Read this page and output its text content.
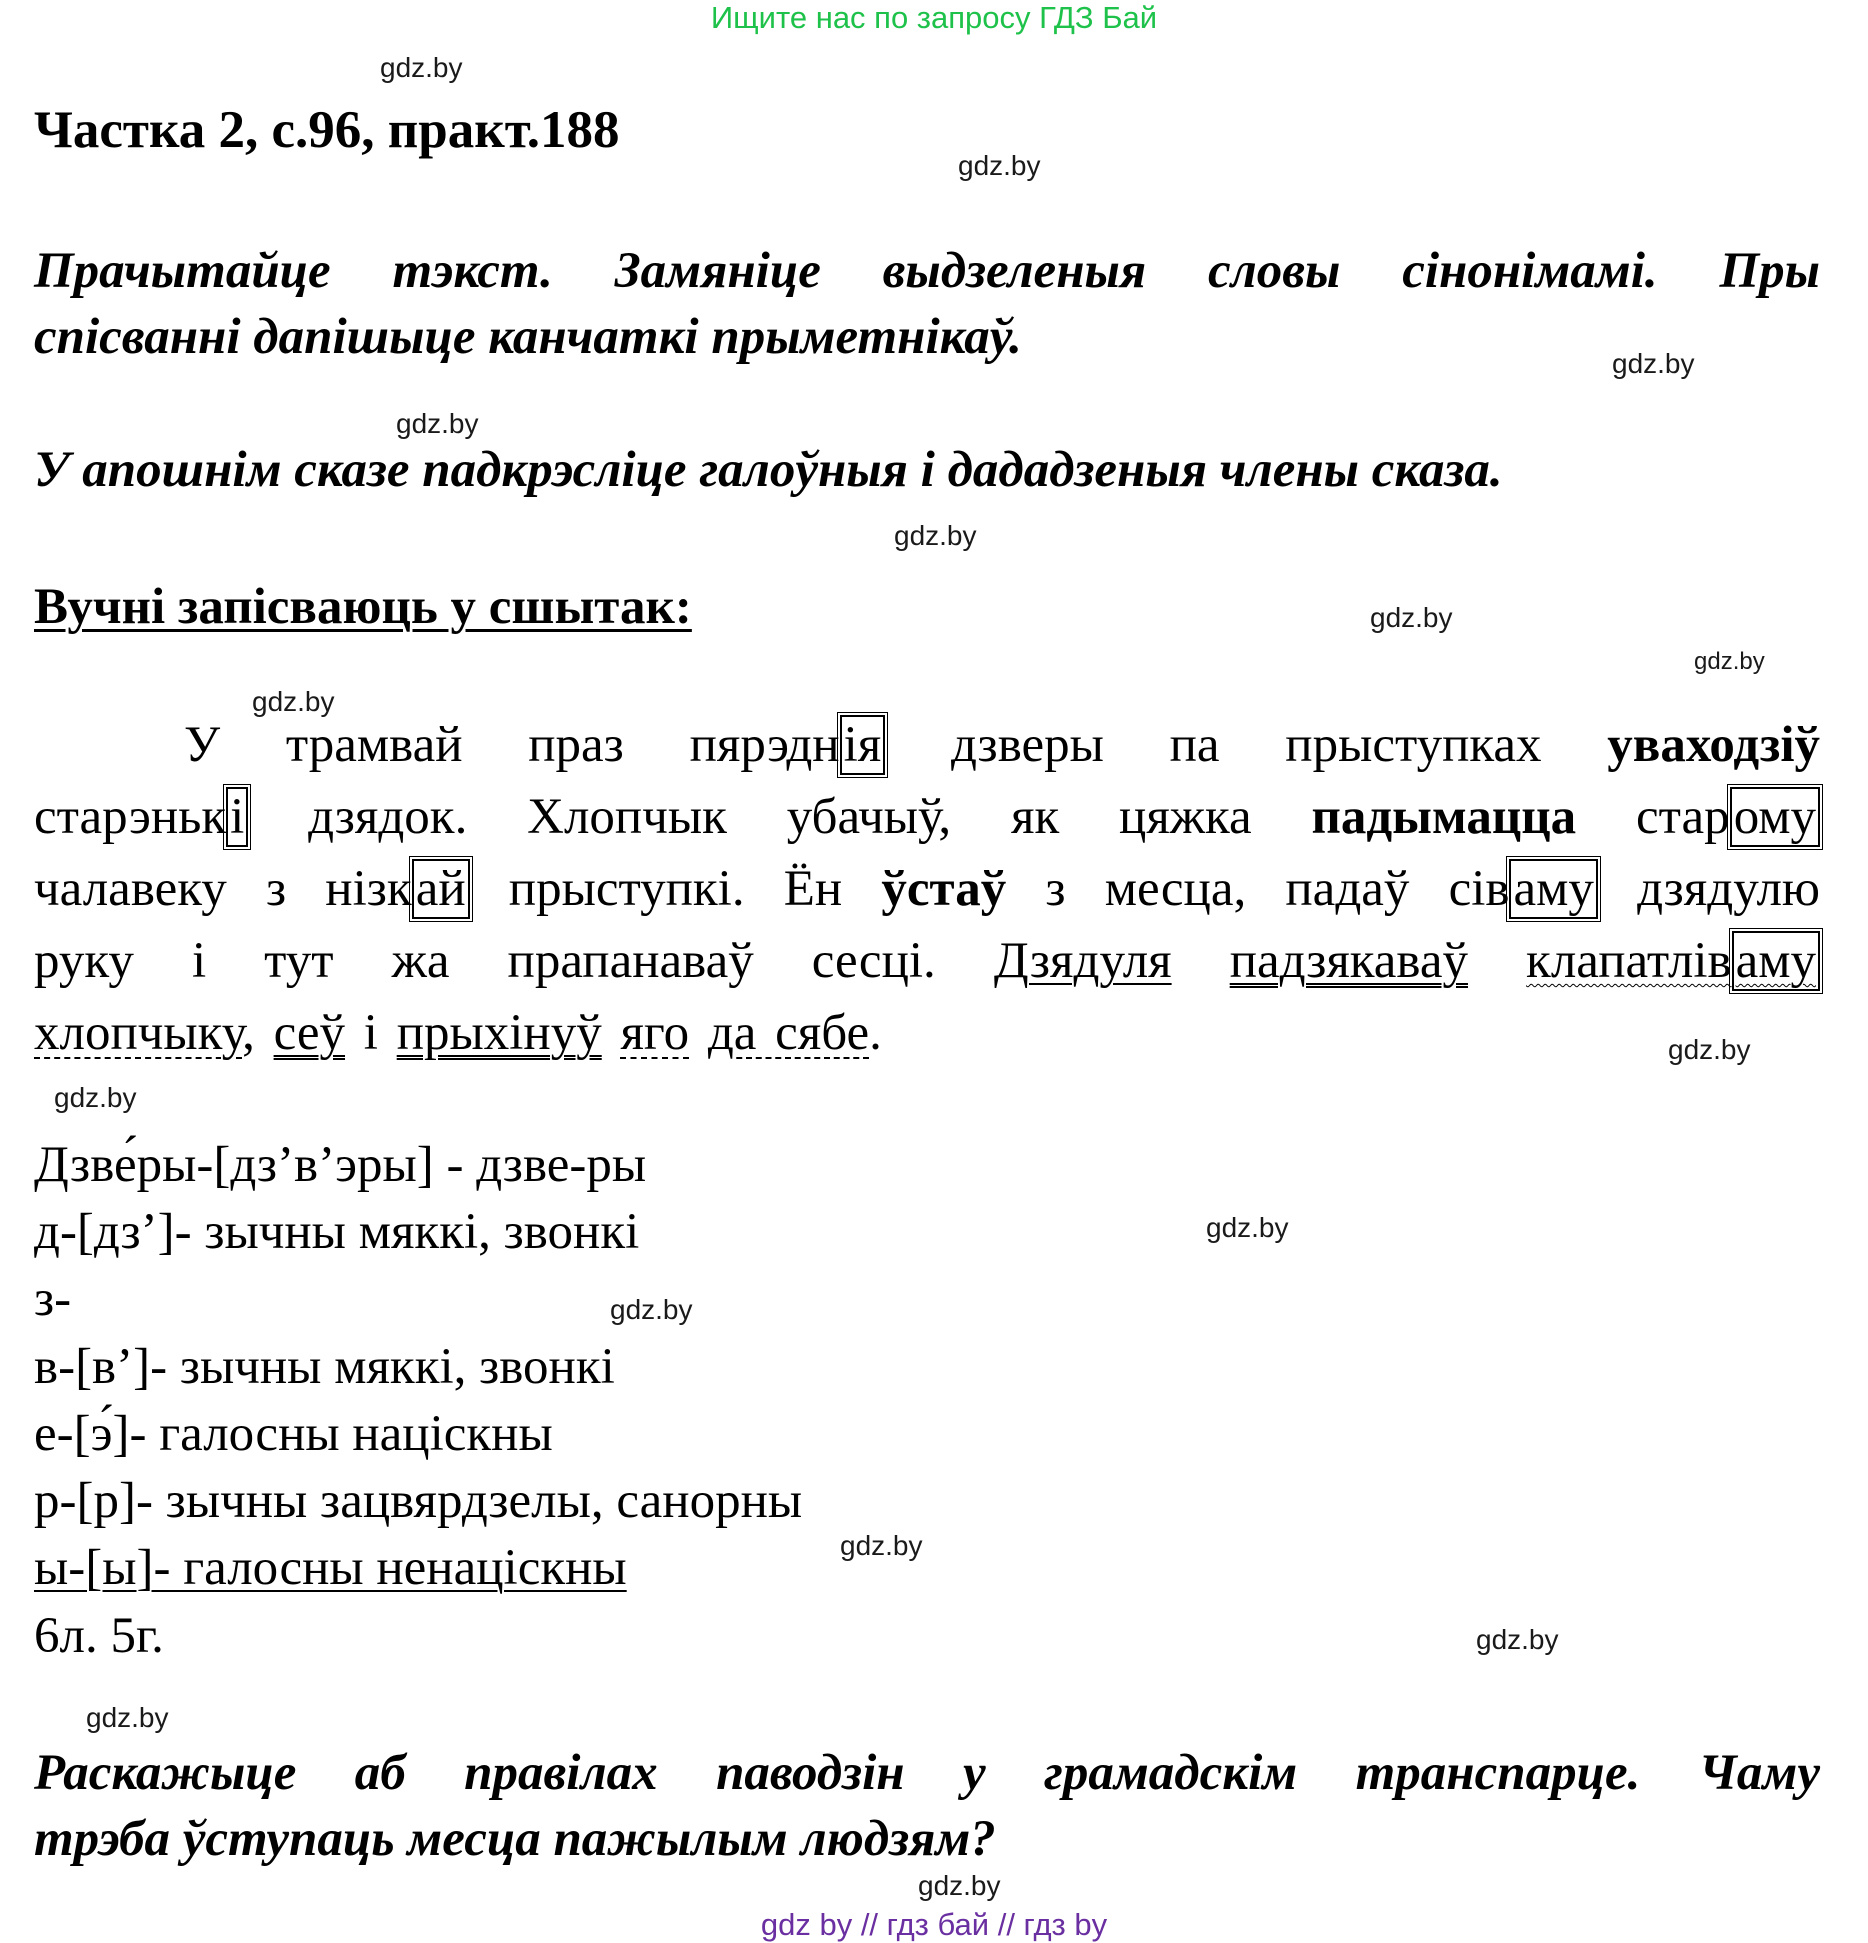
Ищите нас по запросу ГДЗ Бай
gdz.by
gdz.by
gdz.by
gdz.by
gdz.by
gdz.by
gdz.by
gdz.by
gdz.by
gdz.by
gdz.by
gdz.by
gdz.by
gdz.by
gdz.by
gdz.by
Частка 2, с.96, практ.188
Прачытайце тэкст. Замяніце выдзеленыя словы сінонімамі. Пры
спісванні дапішыце канчаткі прыметнікаў.
У апошнім сказе падкрэсліце галоўныя і дададзеныя члены сказа.
Вучні запісваюць у сшытак:
У трамвай праз пярэднія дзверы па прыступках уваходзіў
старэнькі дзядок. Хлопчык убачыў, як цяжка падымацца старому
чалавеку з нізкай прыступкі. Ён ўстаў з месца, падаў сіваму дзядулю
руку і тут жа прапанаваў сесці. Дзядуля падзякаваў клапатліваму
хлопчыку, сеў і прыхінуў яго да сябе.
Дзве́ры-[дз’в’эры] - дзве-ры
д-[дз’]- зычны мяккі, звонкі
з-
в-[в’]- зычны мяккі, звонкі
е-[э́]- галосны націскны
р-[р]- зычны зацвярдзелы, санорны
ы-[ы]- галосны ненаціскны
6л. 5г.
Раскажыце аб правілах паводзін у грамадскім транспарце. Чаму
трэба ўступаць месца пажылым людзям?
gdz by // гдз бай // гдз by
